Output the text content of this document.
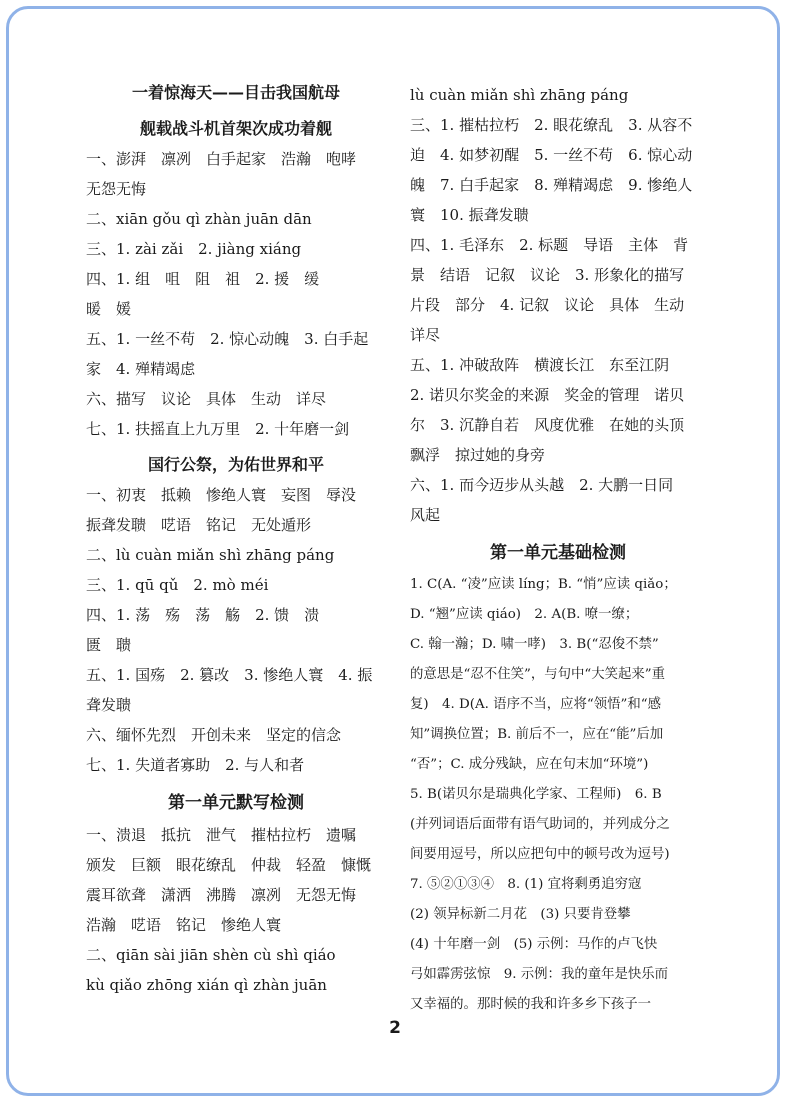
一着惊海天——目击我国航母
舰载战斗机首架次成功着舰
一、澎湃　凛冽　白手起家　浩瀚　咆哮
无怨无悔
二、xiān gǒu qì zhàn juān dān
三、1. zài zǎi　2. jiàng xiáng
四、1. 组　咀　阻　祖　2. 援　缓
暖　媛
五、1. 一丝不苟　2. 惊心动魄　3. 白手起
家　4. 殚精竭虑
六、描写　议论　具体　生动　详尽
七、1. 扶摇直上九万里　2. 十年磨一剑
国行公祭，为佑世界和平
一、初衷　抵赖　惨绝人寰　妄图　辱没
振聋发聩　呓语　铭记　无处遁形
二、lù cuàn miǎn shì zhāng páng
三、1. qū qǔ　2. mò méi
四、1. 荡　殇　荡　觞　2. 馈　溃
匮　聩
五、1. 国殇　2. 篡改　3. 惨绝人寰　4. 振
聋发聩
六、缅怀先烈　开创未来　坚定的信念
七、1. 失道者寡助　2. 与人和者
第一单元默写检测
一、溃退　抵抗　泄气　摧枯拉朽　遗嘱
颁发　巨额　眼花缭乱　仲裁　轻盈　慷慨
震耳欲聋　潇洒　沸腾　凛冽　无怨无悔
浩瀚　呓语　铭记　惨绝人寰
二、qiān sài jiān shèn cù shì qiáo
kù qiǎo zhōng xián qì zhàn juān
lù cuàn miǎn shì zhāng páng
三、1. 摧枯拉朽　2. 眼花缭乱　3. 从容不
迫　4. 如梦初醒　5. 一丝不苟　6. 惊心动
魄　7. 白手起家　8. 殚精竭虑　9. 惨绝人
寰　10. 振聋发聩
四、1. 毛泽东　2. 标题　导语　主体　背
景　结语　记叙　议论　3. 形象化的描写
片段　部分　4. 记叙　议论　具体　生动
详尽
五、1. 冲破敌阵　横渡长江　东至江阴
2. 诺贝尔奖金的来源　奖金的管理　诺贝
尔　3. 沉静自若　风度优雅　在她的头顶
飘浮　掠过她的身旁
六、1. 而今迈步从头越　2. 大鹏一日同
风起
第一单元基础检测
1. C(A. “凌”应读 líng；B. “悄”应读 qiǎo；
D. “翘”应读 qiáo)　2. A(B. 嘹一缭；
C. 翰一瀚；D. 啸一哮)　3. B(“忍俊不禁”
的意思是“忍不住笑”，与句中“大笑起来”重
复)　4. D(A. 语序不当，应将“领悟”和“感
知”调换位置；B. 前后不一，应在“能”后加
“否”；C. 成分残缺，应在句末加“环境”)
5. B(诺贝尔是瑞典化学家、工程师)　6. B
(并列词语后面带有语气助词的，并列成分之
间要用逗号，所以应把句中的顿号改为逗号)
7. ⑤②①③④　8. (1) 宜将剩勇追穷寇
(2) 领异标新二月花　(3) 只要肯登攀
(4) 十年磨一剑　(5) 示例：马作的卢飞快
弓如霹雳弦惊　9. 示例：我的童年是快乐而
又幸福的。那时候的我和许多乡下孩子一
2
